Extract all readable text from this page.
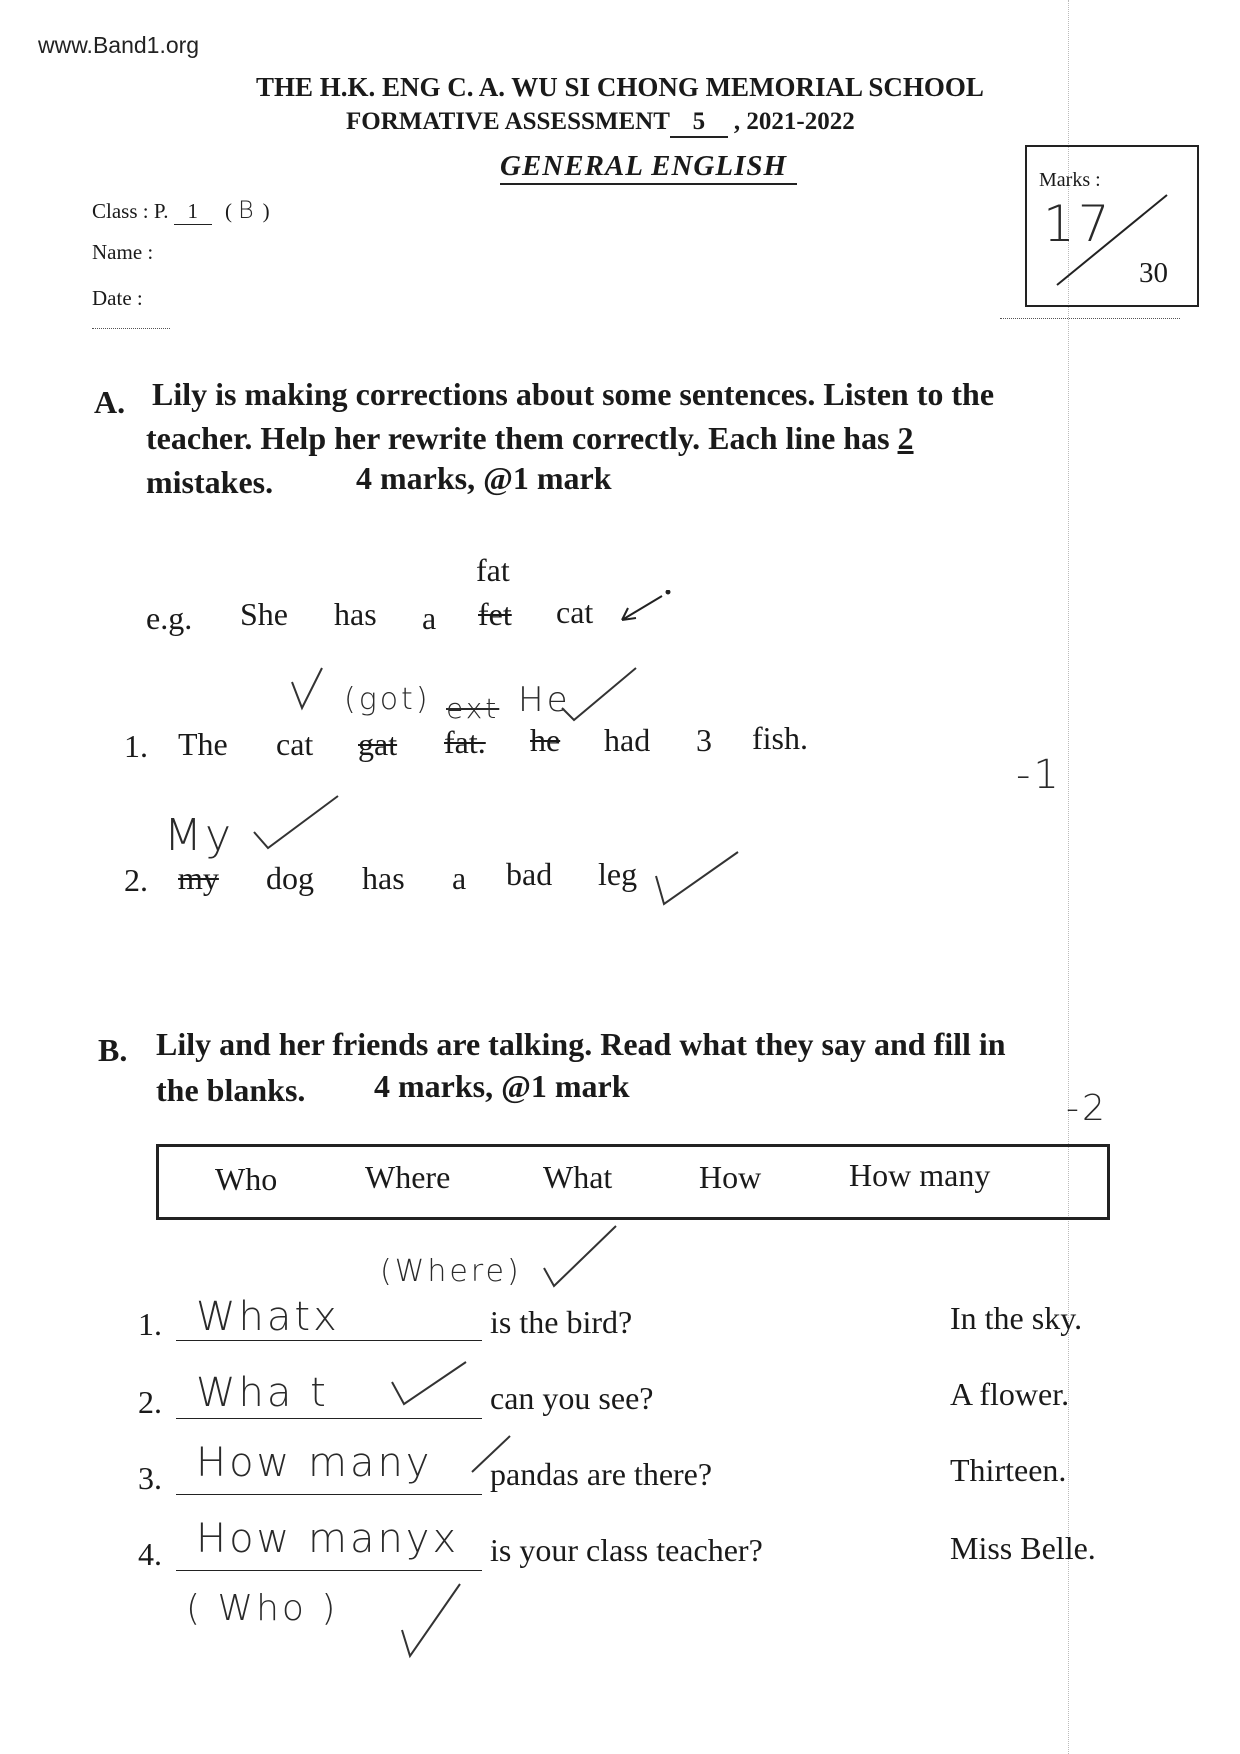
www.Band1.org
THE H.K. ENG C. A. WU SI CHONG MEMORIAL SCHOOL
FORMATIVE ASSESSMENT 5 , 2021-2022
GENERAL ENGLISH
Class : P. 1 ( B )
Name :
Date :
Marks :
17
30
A. Lily is making corrections about some sentences. Listen to the
teacher. Help her rewrite them correctly. Each line has 2
mistakes.	4 marks, @1 mark
fat
e.g. She has a fet cat
(got) ext He
1. The cat gat fat. he had 3 fish.
-1
My
2. my dog has a bad leg
B. Lily and her friends are talking. Read what they say and fill in
the blanks. 4 marks, @1 mark
-2
Who	Where	What	How	How many
(Where)
1. Whatx	is the bird?	In the sky.
2. Wha t	can you see?	A flower.
3. How many pandas are there?	Thirteen.
4. How manyx is your class teacher?	Miss Belle.
( Who )
